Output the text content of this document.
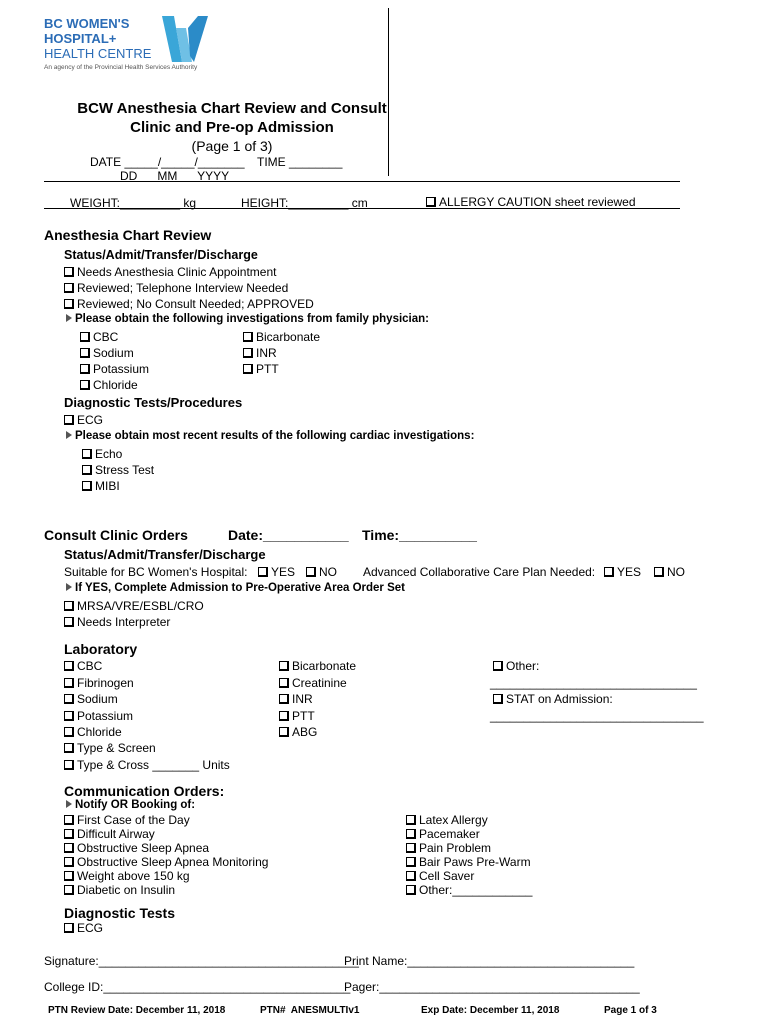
BC WOMEN'S
HOSPITAL+
HEALTH CENTRE
An agency of the Provincial Health Services Authority
BCW Anesthesia Chart Review and Consult
Clinic and Pre-op Admission
(Page 1 of 3)
DATE _____/_____/_______ TIME ________
DD      MM      YYYY
WEIGHT:_________ kg	HEIGHT:_________ cm	ALLERGY CAUTION sheet reviewed
Anesthesia Chart Review
Status/Admit/Transfer/Discharge
Needs Anesthesia Clinic Appointment
Reviewed; Telephone Interview Needed
Reviewed; No Consult Needed; APPROVED
Please obtain the following investigations from family physician:
CBC
Sodium
Potassium
Chloride
Bicarbonate
INR
PTT
Diagnostic Tests/Procedures
ECG
Please obtain most recent results of the following cardiac investigations:
Echo
Stress Test
MIBI
Consult Clinic Orders	Date:___________ Time:__________
Status/Admit/Transfer/Discharge
Suitable for BC Women's Hospital:	YES	NO Advanced Collaborative Care Plan Needed:	YES	NO
If YES, Complete Admission to Pre-Operative Area Order Set
MRSA/VRE/ESBL/CRO
Needs Interpreter
Laboratory
CBC
Fibrinogen
Sodium
Potassium
Chloride
Type & Screen
Type & Cross _______ Units
Bicarbonate
Creatinine
INR
PTT
ABG
Other:
_______________________________
STAT on Admission:
________________________________
Communication Orders:
Notify OR Booking of:
First Case of the Day
Difficult Airway
Obstructive Sleep Apnea
Obstructive Sleep Apnea Monitoring
Weight above 150 kg
Diabetic on Insulin
Latex Allergy
Pacemaker
Pain Problem
Bair Paws Pre-Warm
Cell Saver
Other:____________
Diagnostic Tests
ECG
Signature:_______________________________________
Print Name:__________________________________
College ID:_____________________________________
Pager:_______________________________________
PTN Review Date: December 11, 2018	PTN#  ANESMULTIv1	Exp Date: December 11, 2018	Page 1 of 3
